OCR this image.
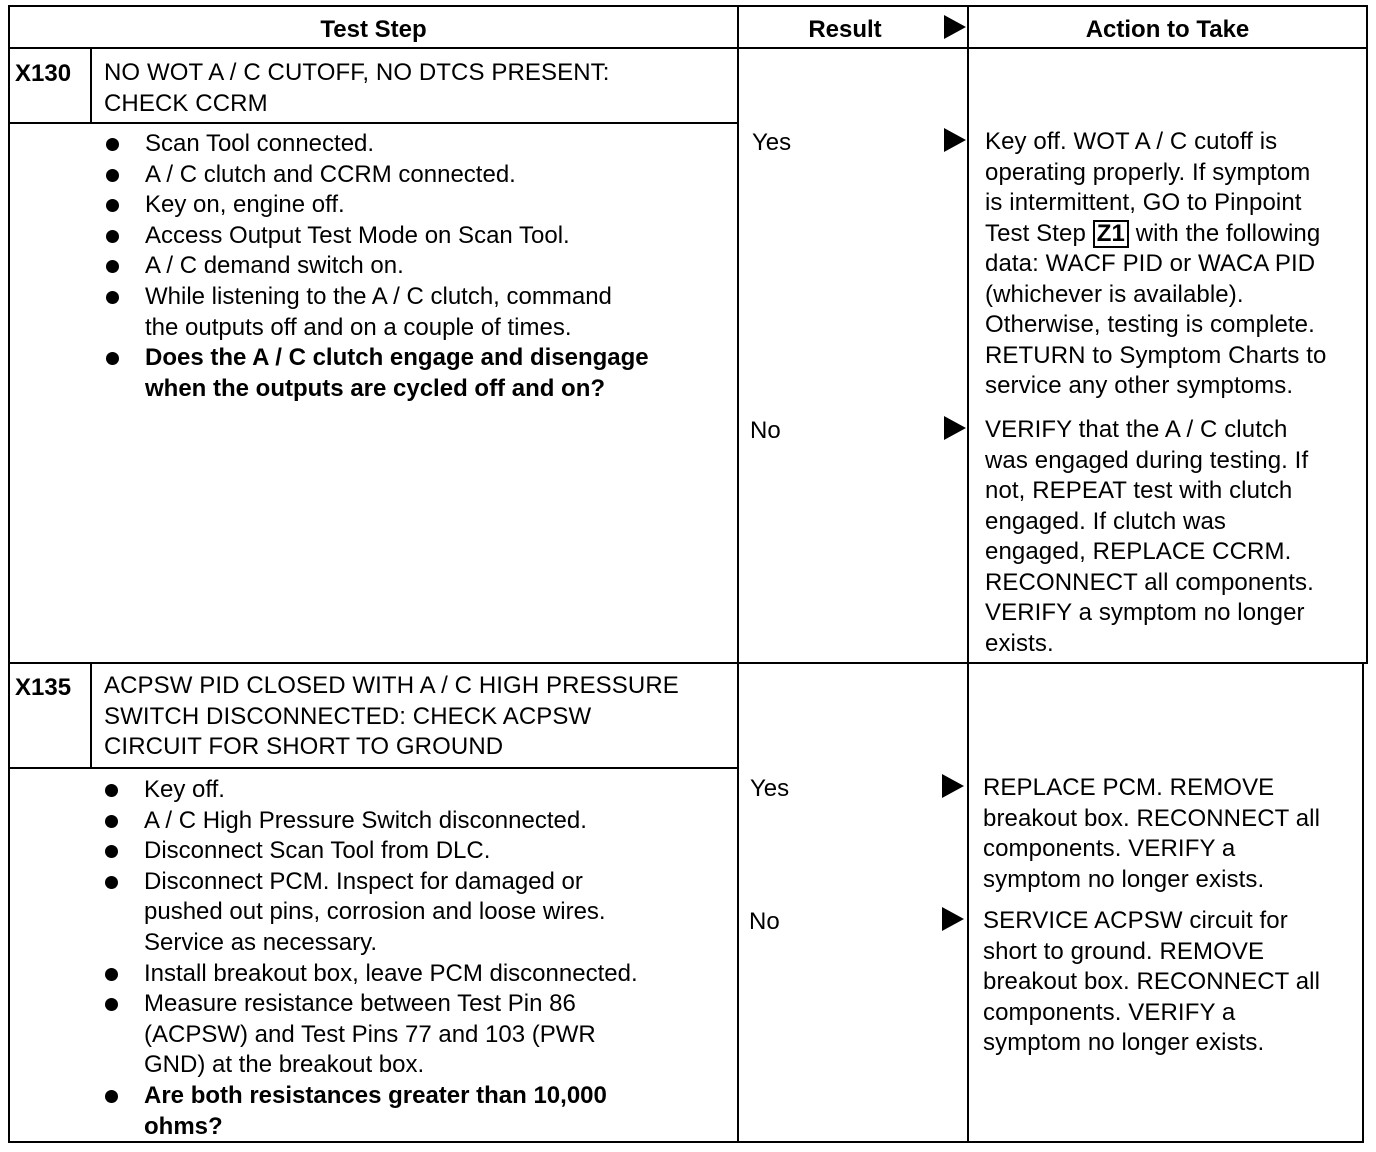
Test Step	Result	Action to Take
X130 NO WOT A / C CUTOFF, NO DTCS PRESENT:
CHECK CCRM
Scan Tool connected.
A / C clutch and CCRM connected.
Key on, engine off.
Access Output Test Mode on Scan Tool.
A / C demand switch on.
While listening to the A / C clutch, command
the outputs off and on a couple of times.
Does the A / C clutch engage and disengage
when the outputs are cycled off and on?
Yes	Key off. WOT A / C cutoff is
operating properly. If symptom
is intermittent, GO to Pinpoint
Test Step Z1 with the following
data: WACF PID or WACA PID
(whichever is available).
Otherwise, testing is complete.
RETURN to Symptom Charts to
service any other symptoms.
No	VERIFY that the A / C clutch
was engaged during testing. If
not, REPEAT test with clutch
engaged. If clutch was
engaged, REPLACE CCRM.
RECONNECT all components.
VERIFY a symptom no longer
exists.
X135 ACPSW PID CLOSED WITH A / C HIGH PRESSURE
SWITCH DISCONNECTED: CHECK ACPSW
CIRCUIT FOR SHORT TO GROUND
Key off.
A / C High Pressure Switch disconnected.
Disconnect Scan Tool from DLC.
Disconnect PCM. Inspect for damaged or
pushed out pins, corrosion and loose wires.
Service as necessary.
Install breakout box, leave PCM disconnected.
Measure resistance between Test Pin 86
(ACPSW) and Test Pins 77 and 103 (PWR
GND) at the breakout box.
Are both resistances greater than 10,000
ohms?
Yes	REPLACE PCM. REMOVE
breakout box. RECONNECT all
components. VERIFY a
symptom no longer exists.
No	SERVICE ACPSW circuit for
short to ground. REMOVE
breakout box. RECONNECT all
components. VERIFY a
symptom no longer exists.
